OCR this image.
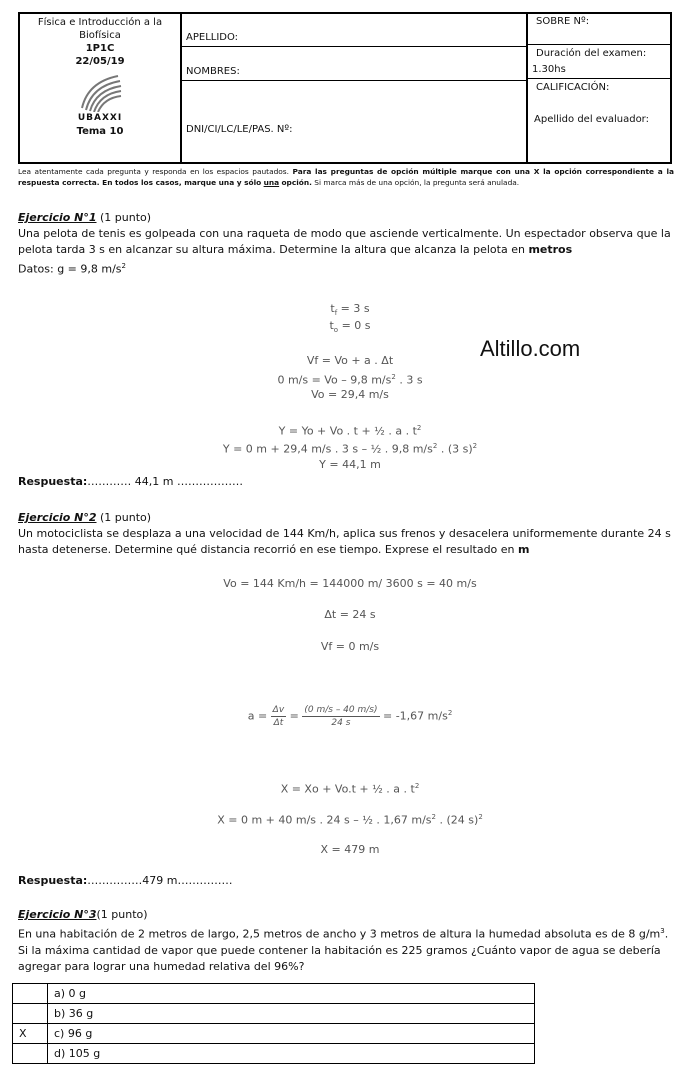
Física e Introducción a la
Biofísica
1P1C
22/05/19
UBAXXI
Tema 10
APELLIDO:
NOMBRES:
DNI/CI/LC/LE/PAS. Nº:
SOBRE Nº:
Duración del examen:
1.30hs
CALIFICACIÓN:
Apellido del evaluador:
Lea atentamente cada pregunta y responda en los espacios pautados. Para las preguntas de opción múltiple marque con una X la opción correspondiente a la respuesta correcta. En todos los casos, marque una y sólo una opción. Si marca más de una opción, la pregunta será anulada.
Altillo.com
Ejercicio N°1 (1 punto)
Una pelota de tenis es golpeada con una raqueta de modo que asciende verticalmente. Un espectador observa que la pelota tarda 3 s en alcanzar su altura máxima. Determine la altura que alcanza la pelota en metros
Datos: g = 9,8 $m/s^2$
$t_f = 3$ s
$t_o = 0$ s
Vf = Vo + a . Δt
0 m/s = Vo – 9,8 $m/s^2$ . 3 s
Vo = 29,4 m/s
Y = Yo + Vo . t + ½ . a . $t^2$
Y = 0 m + 29,4 m/s . 3 s – ½ . 9,8 $m/s^2$ . (3 s)$^2$
Y = 44,1 m
Respuesta:………… 44,1 m ………………
Ejercicio N°2 (1 punto)
Un motociclista se desplaza a una velocidad de 144 Km/h, aplica sus frenos y desacelera uniformemente durante 24 s hasta detenerse. Determine qué distancia recorrió en ese tiempo. Exprese el resultado en m
Vo = 144 Km/h = 144000 m/ 3600 s = 40 m/s
Δt = 24 s
Vf = 0 m/s
$a = \frac{\Delta v}{\Delta t} = \frac{(0 m/s - 40 m/s)}{24 s} = -1,67$ $m/s^2$
X = Xo + Vo.t + ½ . a . $t^2$
X = 0 m + 40 m/s . 24 s – ½ . 1,67 $m/s^2$ . (24 s)$^2$
X = 479 m
Respuesta:……………479 m……………
Ejercicio N°3(1 punto)
En una habitación de 2 metros de largo, 2,5 metros de ancho y 3 metros de altura la humedad absoluta es de 8 $g/m^3$. Si la máxima cantidad de vapor que puede contener la habitación es 225 gramos ¿Cuánto vapor de agua se debería agregar para lograr una humedad relativa del 96%?
	a) 0 g
	b) 36 g
X	c) 96 g
	d) 105 g
